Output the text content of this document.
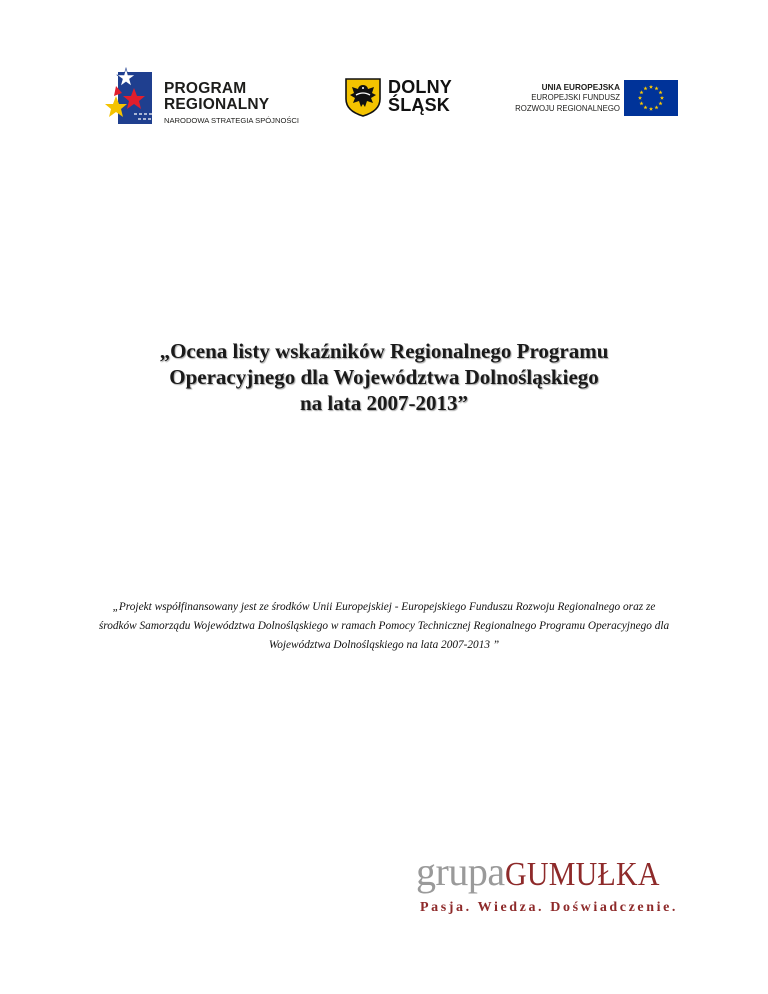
PROGRAM
REGIONALNY
NARODOWA STRATEGIA SPÓJNOŚCI
DOLNY
ŚLĄSK
UNIA EUROPEJSKA
EUROPEJSKI FUNDUSZ
ROZWOJU REGIONALNEGO
„Ocena listy wskaźników Regionalnego Programu
Operacyjnego dla Województwa Dolnośląskiego
na lata 2007-2013”
„Projekt współfinansowany jest ze środków Unii Europejskiej - Europejskiego Funduszu Rozwoju Regionalnego oraz ze
środków Samorządu Województwa Dolnośląskiego w ramach Pomocy Technicznej Regionalnego Programu Operacyjnego dla
Województwa Dolnośląskiego na lata 2007-2013 ”
grupaGUMUŁKA
Pasja. Wiedza. Doświadczenie.
